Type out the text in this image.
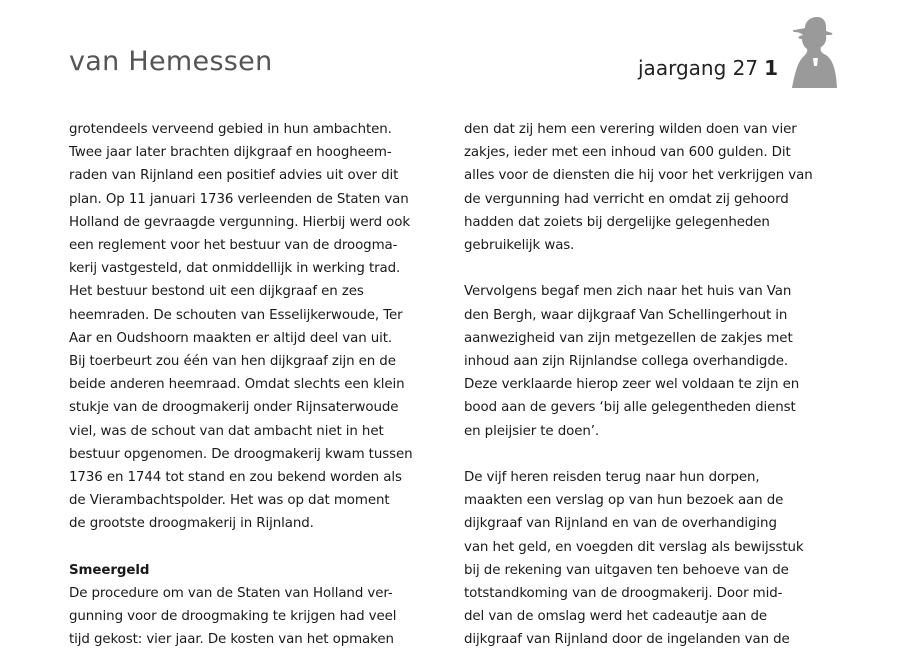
van Hemessen	jaargang 27 1

grotendeels verveend gebied in hun ambachten.
Twee jaar later brachten dijkgraaf en hoogheem-
raden van Rijnland een positief advies uit over dit
plan. Op 11 januari 1736 verleenden de Staten van
Holland de gevraagde vergunning. Hierbij werd ook
een reglement voor het bestuur van de droogma-
kerij vastgesteld, dat onmiddellijk in werking trad.
Het bestuur bestond uit een dijkgraaf en zes
heemraden. De schouten van Esselijkerwoude, Ter
Aar en Oudshoorn maakten er altijd deel van uit.
Bij toerbeurt zou één van hen dijkgraaf zijn en de
beide anderen heemraad. Omdat slechts een klein
stukje van de droogmakerij onder Rijnsaterwoude
viel, was de schout van dat ambacht niet in het
bestuur opgenomen. De droogmakerij kwam tussen
1736 en 1744 tot stand en zou bekend worden als
de Vierambachtspolder. Het was op dat moment
de grootste droogmakerij in Rijnland.

Smeergeld

De procedure om van de Staten van Holland ver-
gunning voor de droogmaking te krijgen had veel
tijd gekost: vier jaar. De kosten van het opmaken

den dat zij hem een verering wilden doen van vier
zakjes, ieder met een inhoud van 600 gulden. Dit
alles voor de diensten die hij voor het verkrijgen van
de vergunning had verricht en omdat zij gehoord
hadden dat zoiets bij dergelijke gelegenheden
gebruikelijk was.

Vervolgens begaf men zich naar het huis van Van
den Bergh, waar dijkgraaf Van Schellingerhout in
aanwezigheid van zijn metgezellen de zakjes met
inhoud aan zijn Rijnlandse collega overhandigde.
Deze verklaarde hierop zeer wel voldaan te zijn en
bood aan de gevers ‘bij alle gelegentheden dienst
en pleijsier te doen’.

De vijf heren reisden terug naar hun dorpen,
maakten een verslag op van hun bezoek aan de
dijkgraaf van Rijnland en van de overhandiging
van het geld, en voegden dit verslag als bewijsstuk
bij de rekening van uitgaven ten behoeve van de
totstandkoming van de droogmakerij. Door mid-
del van de omslag werd het cadeautje aan de
dijkgraaf van Rijnland door de ingelanden van de
